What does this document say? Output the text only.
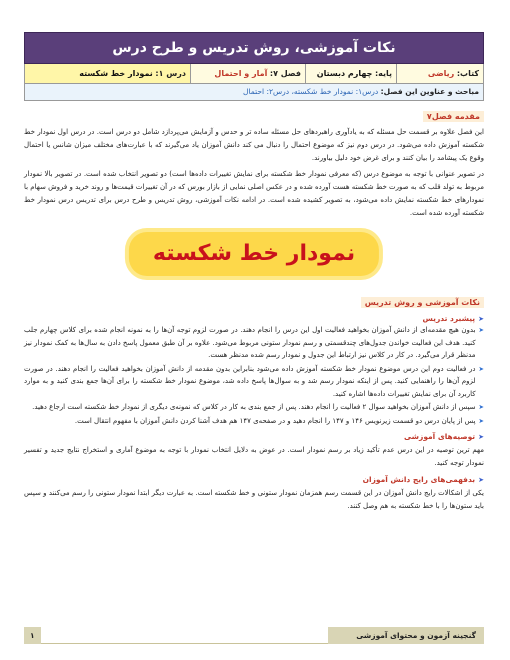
نکات آموزشی، روش تدریس و طرح درس
کتاب: ریاضی
پایه: چهارم دبستان
فصل ۷: آمار و احتمال
درس ۱: نمودار خط شکسته
مباحث و عناوین این فصل: درس۱: نمودار خط شکسته، درس۲: احتمال
مقدمه فصل۷

این فصل علاوه بر قسمت حل مسئله که به یادآوری راهبردهای حل مسئله ساده تر و حدس و آزمایش می‌پردازد شامل دو درس است. در درس اول نمودار خط شکسته آموزش داده می‌شود. در درس دوم نیز که موضوع احتمال را دنبال می کند دانش آموزان یاد می‌گیرند که با عبارت‌های مختلف میزان شانس یا احتمال وقوع یک پیشامد را بیان کنند و برای غرض خود دلیل بیاورند.

در تصویر عنوانی با توجه به موضوع درس (که معرفی نمودار خط شکسته برای نمایش تغییرات داده‌ها است) دو تصویر انتخاب شده است. در تصویر بالا نمودار مربوط به تولد قلب که به صورت خط شکسته هست آورده شده و در عکس اصلی نمایی از بازار بورس که در آن تغییرات قیمت‌ها و روند خرید و فروش سهام با نمودارهای خط شکسته نمایش داده می‌شود، به تصویر کشیده شده است. در ادامه نکات آموزشی، روش تدریس و طرح درس برای تدریس درس نمودار خط شکسته آورده شده است.

نمودار خط شکسته
نکات آموزشی و روش تدریس
➤
پیشبرد تدریس
➤
بدون هیچ مقدمه‌ای از دانش آموزان بخواهید فعالیت اول این درس را انجام دهند. در صورت لزوم توجه آن‌ها را به نمونه انجام شده برای کلاس چهارم جلب کنید. هدف این فعالیت خواندن جدول‌های چندقسمتی و رسم نمودار ستونی مربوط می‌شود. علاوه بر آن طبق معمول پاسخ دادن به سال‌ها به کمک نمودار نیز مدنظر قرار می‌گیرد. در کار در کلاس نیز ارتباط این جدول و نمودار رسم شده مدنظر هست.
➤
در فعالیت دوم این درس موضوع نمودار خط شکسته آموزش داده می‌شود بنابراین بدون مقدمه از دانش آموزان بخواهید فعالیت را انجام دهند. در صورت لزوم آن‌ها را راهنمایی کنید. پس از اینکه نمودار رسم شد و به سوال‌ها پاسخ داده شد، موضوع نمودار خط شکسته را برای آن‌ها جمع بندی کنید و به موارد کاربرد آن برای نمایش تغییرات داده‌ها اشاره کنید.
➤
سپس از دانش آموزان بخواهید سوال ۲ فعالیت را انجام دهند. پس از جمع بندی به کار در کلاس که نمونه‌ی دیگری از نمودار خط شکسته است ارجاع دهید.
➤
پس از پایان درس دو قسمت زیرنویس ۱۴۶ و ۱۴۷ را انجام دهید و در صفحه‌ی ۱۴۷ هم هدف آشنا کردن دانش آموزان با مفهوم انتقال است.
➤
توصیه‌های آموزشی

مهم ترین توصیه در این درس عدم تأکید زیاد بر رسم نمودار است. در عوض به دلایل انتخاب نمودار با توجه به موضوع آماری و استخراج نتایج جدید و تفسیر نمودار توجه کنید.

➤
بدفهمی‌های رایج دانش آموزان

یکی از اشکالات رایج دانش آموزان در این قسمت رسم همزمان نمودار ستونی و خط شکسته است. به عبارت دیگر ابتدا نمودار ستونی را رسم می‌کنند و سپس باید ستون‌ها را با خط شکسته به هم وصل کنند.

گنجینه آزمون و محتوای آموزشی
۱
